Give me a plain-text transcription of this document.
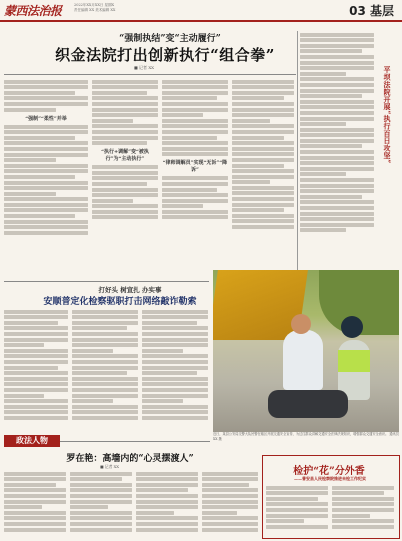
蒙西法治报	2022年XX月XX日 星期X
责任编辑 XX 美术编辑 XX	03 基层
“强制执结”变“主动履行”
织金法院打出创新执行“组合拳”
■ 记者 XX
“强制”“柔性”并举
“执行+调解”变“被执行”为“主动执行”
“律师调解员”实现“无诉”“降诉”
平坝法院开展“执行百日攻坚”
打好头 树宣扎 办实事
安顺普定化检察驱职打击网络敲诈勒索
近日，某县公安局交警大队民警在辖区开展交通安全宣传，为过往群众讲解交通安全法律法规知识，增强群众交通安全意识。 通讯员 XX 摄
政法人物
罗在艳：高墙内的“心灵摆渡人”
■ 记者 XX	检护“花”分外香
——普安县人民检察院推进未检工作纪实
